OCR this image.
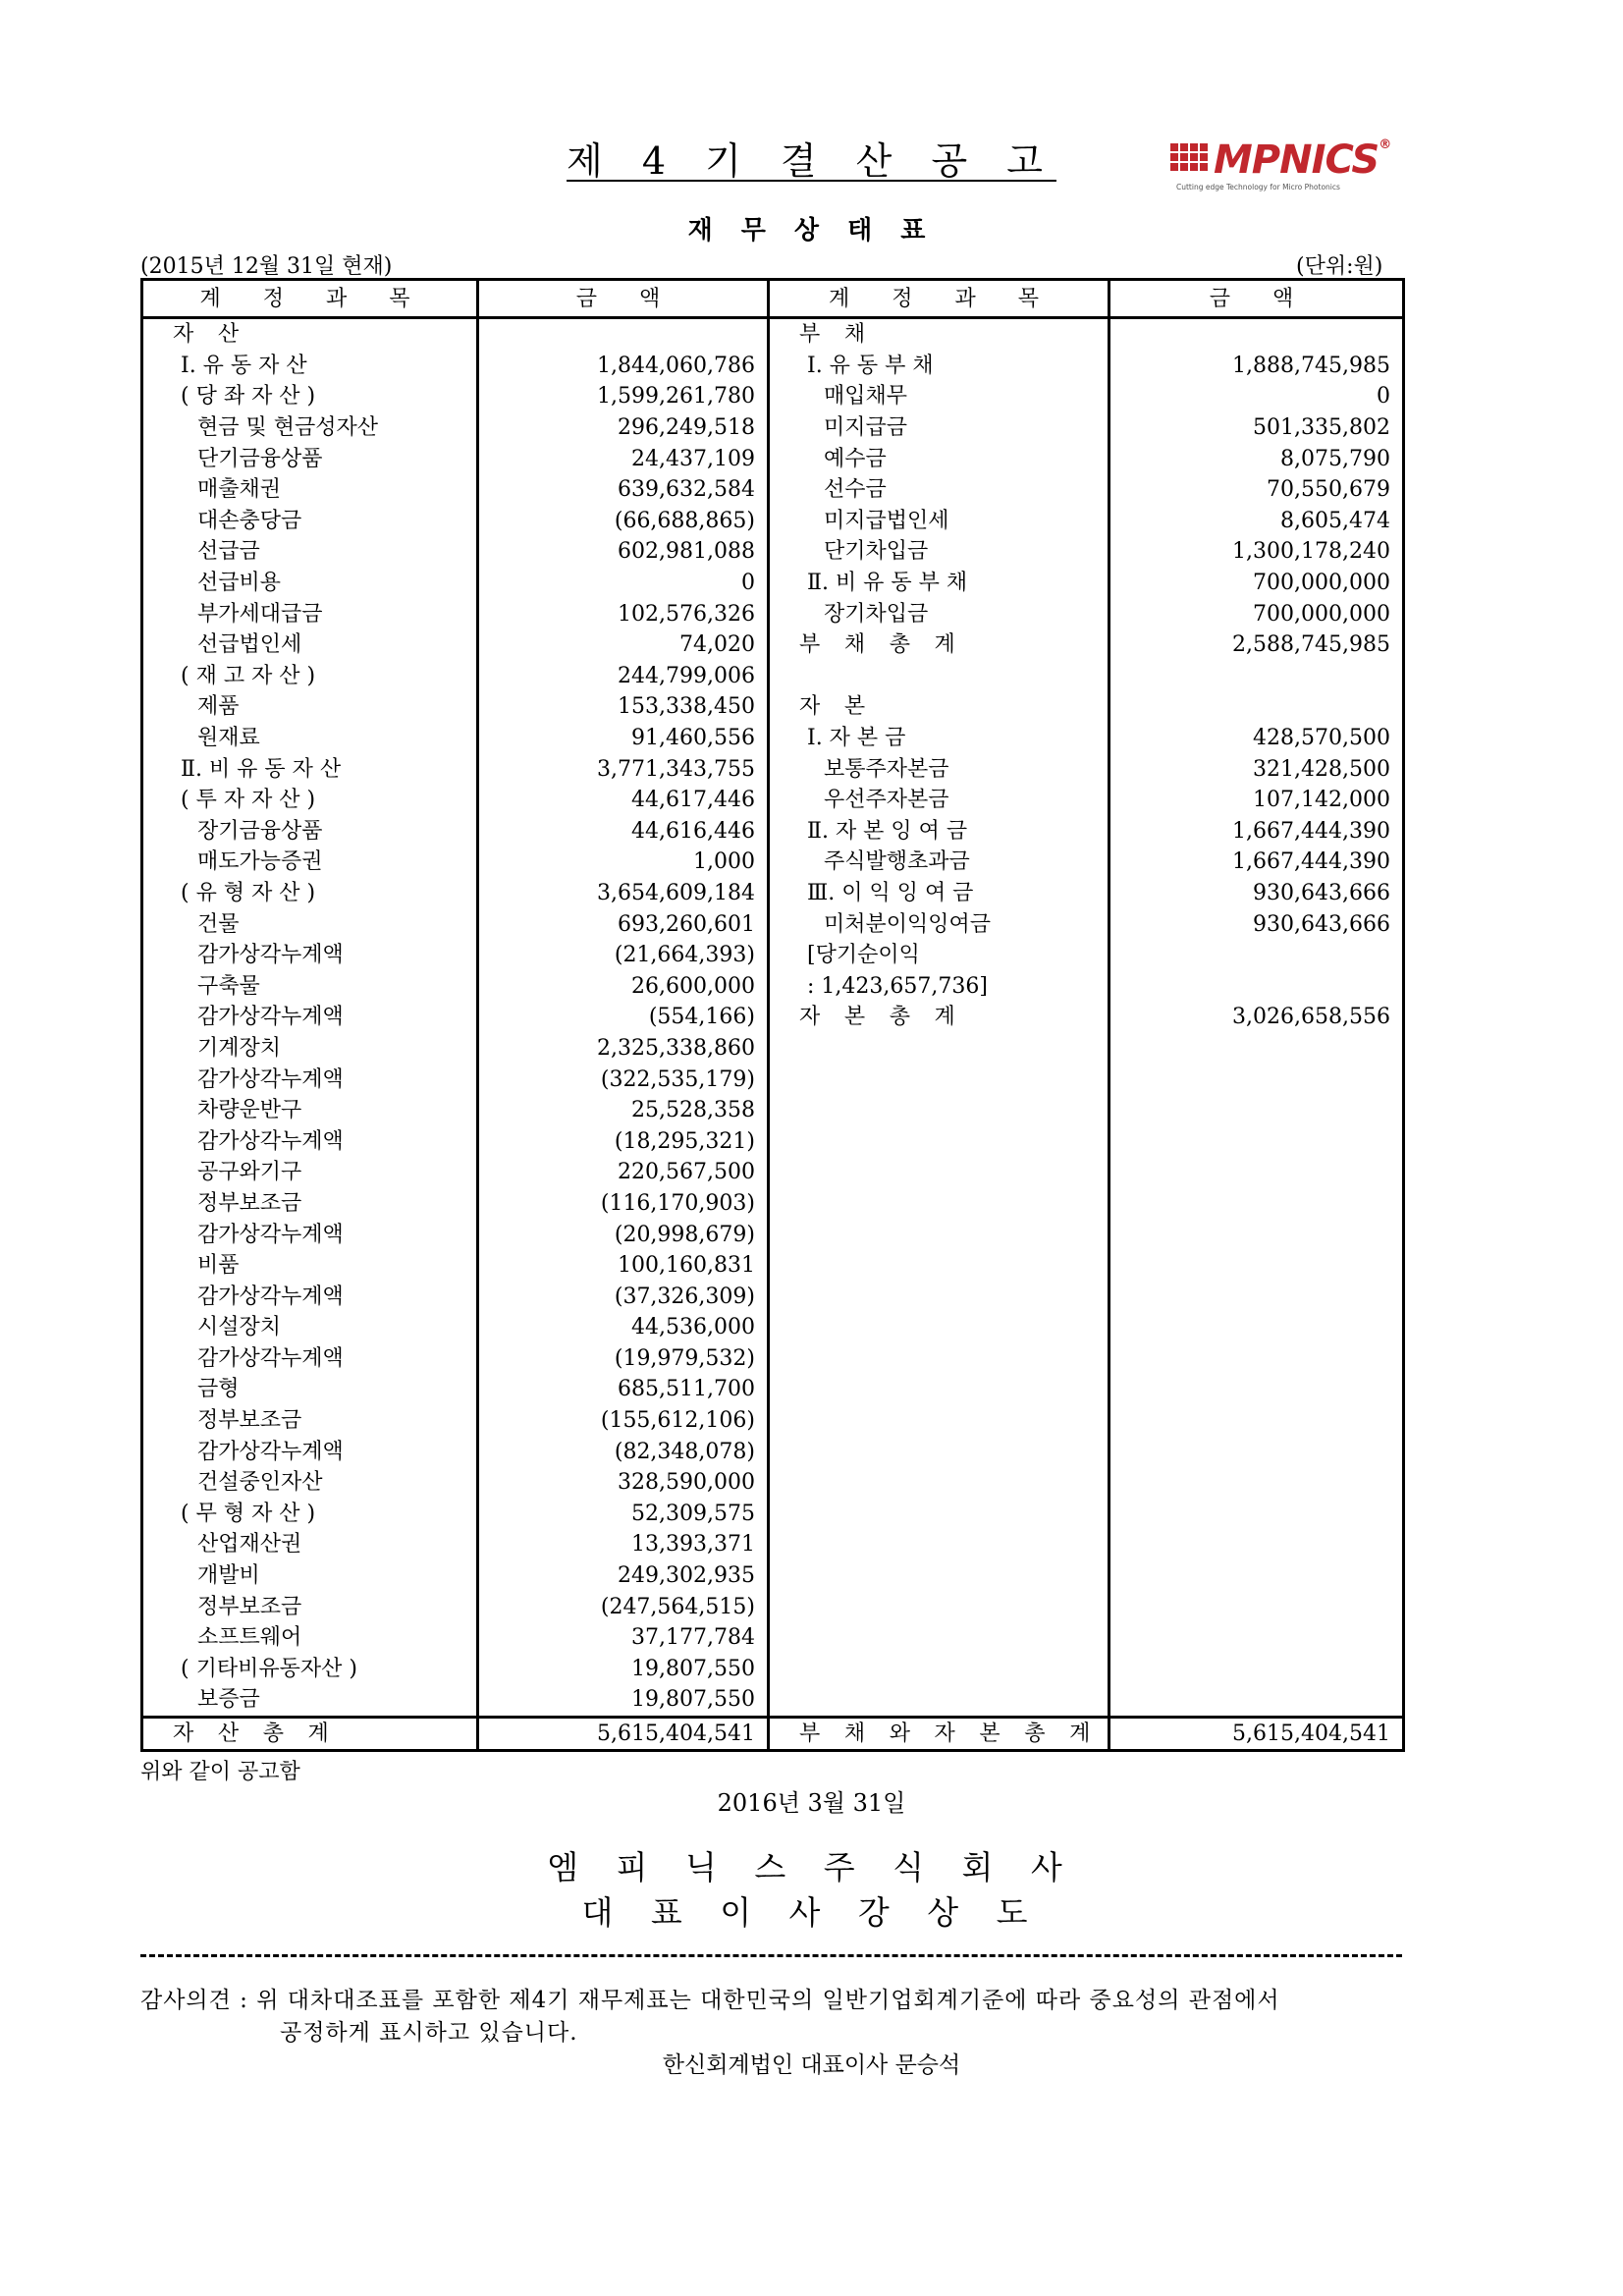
제 4 기 결 산 공 고	MPNICS®
Cutting edge Technology for Micro Photonics
재 무 상 태 표
(2015년 12월 31일 현재)	(단위:원)
계 정 과 목	금 액	계 정 과 목	금 액
자 산		부 채	
Ⅰ. 유 동 자 산	1,844,060,786	Ⅰ. 유 동 부 채	1,888,745,985
( 당 좌 자 산 )	1,599,261,780	매입채무	0
현금 및 현금성자산	296,249,518	미지급금	501,335,802
단기금융상품	24,437,109	예수금	8,075,790
매출채권	639,632,584	선수금	70,550,679
대손충당금	(66,688,865)	미지급법인세	8,605,474
선급금	602,981,088	단기차입금	1,300,178,240
선급비용	0	Ⅱ. 비 유 동 부 채	700,000,000
부가세대급금	102,576,326	장기차입금	700,000,000
선급법인세	74,020	부 채 총 계	2,588,745,985
( 재 고 자 산 )	244,799,006		
제품	153,338,450	자 본	
원재료	91,460,556	Ⅰ. 자 본 금	428,570,500
Ⅱ. 비 유 동 자 산	3,771,343,755	보통주자본금	321,428,500
( 투 자 자 산 )	44,617,446	우선주자본금	107,142,000
장기금융상품	44,616,446	Ⅱ. 자 본 잉 여 금	1,667,444,390
매도가능증권	1,000	주식발행초과금	1,667,444,390
( 유 형 자 산 )	3,654,609,184	Ⅲ. 이 익 잉 여 금	930,643,666
건물	693,260,601	미처분이익잉여금	930,643,666
감가상각누계액	(21,664,393)	[당기순이익	
구축물	26,600,000	: 1,423,657,736]	
감가상각누계액	(554,166)	자 본 총 계	3,026,658,556
기계장치	2,325,338,860		
감가상각누계액	(322,535,179)		
차량운반구	25,528,358		
감가상각누계액	(18,295,321)		
공구와기구	220,567,500		
정부보조금	(116,170,903)		
감가상각누계액	(20,998,679)		
비품	100,160,831		
감가상각누계액	(37,326,309)		
시설장치	44,536,000		
감가상각누계액	(19,979,532)		
금형	685,511,700		
정부보조금	(155,612,106)		
감가상각누계액	(82,348,078)		
건설중인자산	328,590,000		
( 무 형 자 산 )	52,309,575		
산업재산권	13,393,371		
개발비	249,302,935		
정부보조금	(247,564,515)		
소프트웨어	37,177,784		
( 기타비유동자산 )	19,807,550		
보증금	19,807,550		
자 산 총 계	5,615,404,541	부 채 와 자 본 총 계	5,615,404,541
위와 같이 공고함
2016년 3월 31일
엠 피 닉 스 주 식 회 사
대 표 이 사 강 상 도
감사의견 : 위 대차대조표를 포함한 제4기 재무제표는 대한민국의 일반기업회계기준에 따라 중요성의 관점에서
공정하게 표시하고 있습니다.
한신회계법인 대표이사 문승석
